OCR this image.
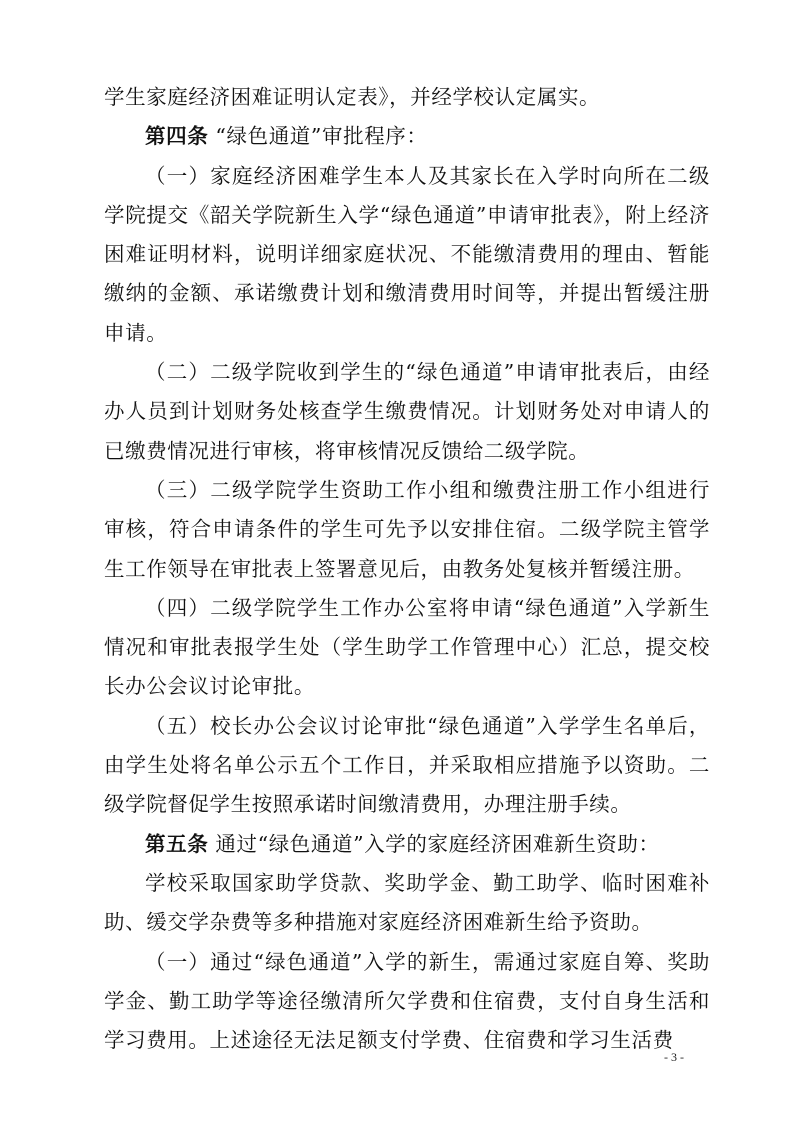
学生家庭经济困难证明认定表》，并经学校认定属实。

第四条 “绿色通道”审批程序：

（一）家庭经济困难学生本人及其家长在入学时向所在二级学院提交《韶关学院新生入学“绿色通道”申请审批表》，附上经济困难证明材料，说明详细家庭状况、不能缴清费用的理由、暂能缴纳的金额、承诺缴费计划和缴清费用时间等，并提出暂缓注册申请。

（二）二级学院收到学生的“绿色通道”申请审批表后，由经办人员到计划财务处核查学生缴费情况。计划财务处对申请人的已缴费情况进行审核，将审核情况反馈给二级学院。

（三）二级学院学生资助工作小组和缴费注册工作小组进行审核，符合申请条件的学生可先予以安排住宿。二级学院主管学生工作领导在审批表上签署意见后，由教务处复核并暂缓注册。

（四）二级学院学生工作办公室将申请“绿色通道”入学新生情况和审批表报学生处（学生助学工作管理中心）汇总，提交校长办公会议讨论审批。

（五）校长办公会议讨论审批“绿色通道”入学学生名单后，由学生处将名单公示五个工作日，并采取相应措施予以资助。二级学院督促学生按照承诺时间缴清费用，办理注册手续。

第五条 通过“绿色通道”入学的家庭经济困难新生资助：

学校采取国家助学贷款、奖助学金、勤工助学、临时困难补助、缓交学杂费等多种措施对家庭经济困难新生给予资助。

（一）通过“绿色通道”入学的新生，需通过家庭自筹、奖助学金、勤工助学等途径缴清所欠学费和住宿费，支付自身生活和学习费用。上述途径无法足额支付学费、住宿费和学习生活费

- 3 -
